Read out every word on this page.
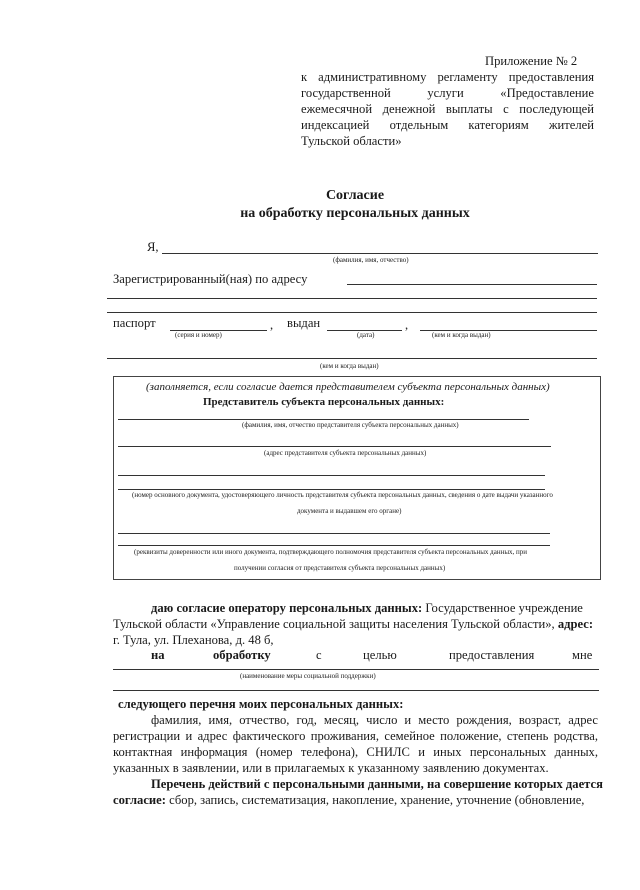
Приложение № 2
к административному регламенту предоставления
государственной услуги «Предоставление
ежемесячной денежной выплаты с последующей
индексацией отдельным категориям жителей
Тульской области»
Согласие
на обработку персональных данных
Я,
(фамилия, имя, отчество)
Зарегистрированный(ная) по адресу
паспорт	, выдан	,
(серия и номер)	(дата)	(кем и когда выдан)
(кем и когда выдан)
(заполняется, если согласие дается представителем субъекта персональных данных)
Представитель субъекта персональных данных:
(фамилия, имя, отчество представителя субъекта персональных данных)
(адрес представителя субъекта персональных данных)
(номер основного документа, удостоверяющего личность представителя субъекта персональных данных, сведения о дате выдачи указанного
документа и выдавшем его органе)
(реквизиты доверенности или иного документа, подтверждающего полномочия представителя субъекта персональных данных, при
получении согласия от представителя субъекта персональных данных)
даю согласие оператору персональных данных: Государственное учреждение
Тульской области «Управление социальной защиты населения Тульской области», адрес:
г. Тула, ул. Плеханова, д. 48 б,
на	обработку	с	целью	предоставления	мне
(наименование меры социальной поддержки)
следующего перечня моих персональных данных:
фамилия, имя, отчество, год, месяц, число и место рождения, возраст, адрес
регистрации и адрес фактического проживания, семейное положение, степень родства,
контактная информация (номер телефона), СНИЛС и иных персональных данных,
указанных в заявлении, или в прилагаемых к указанному заявлению документах.
Перечень действий с персональными данными, на совершение которых дается
согласие: сбор, запись, систематизация, накопление, хранение, уточнение (обновление,
